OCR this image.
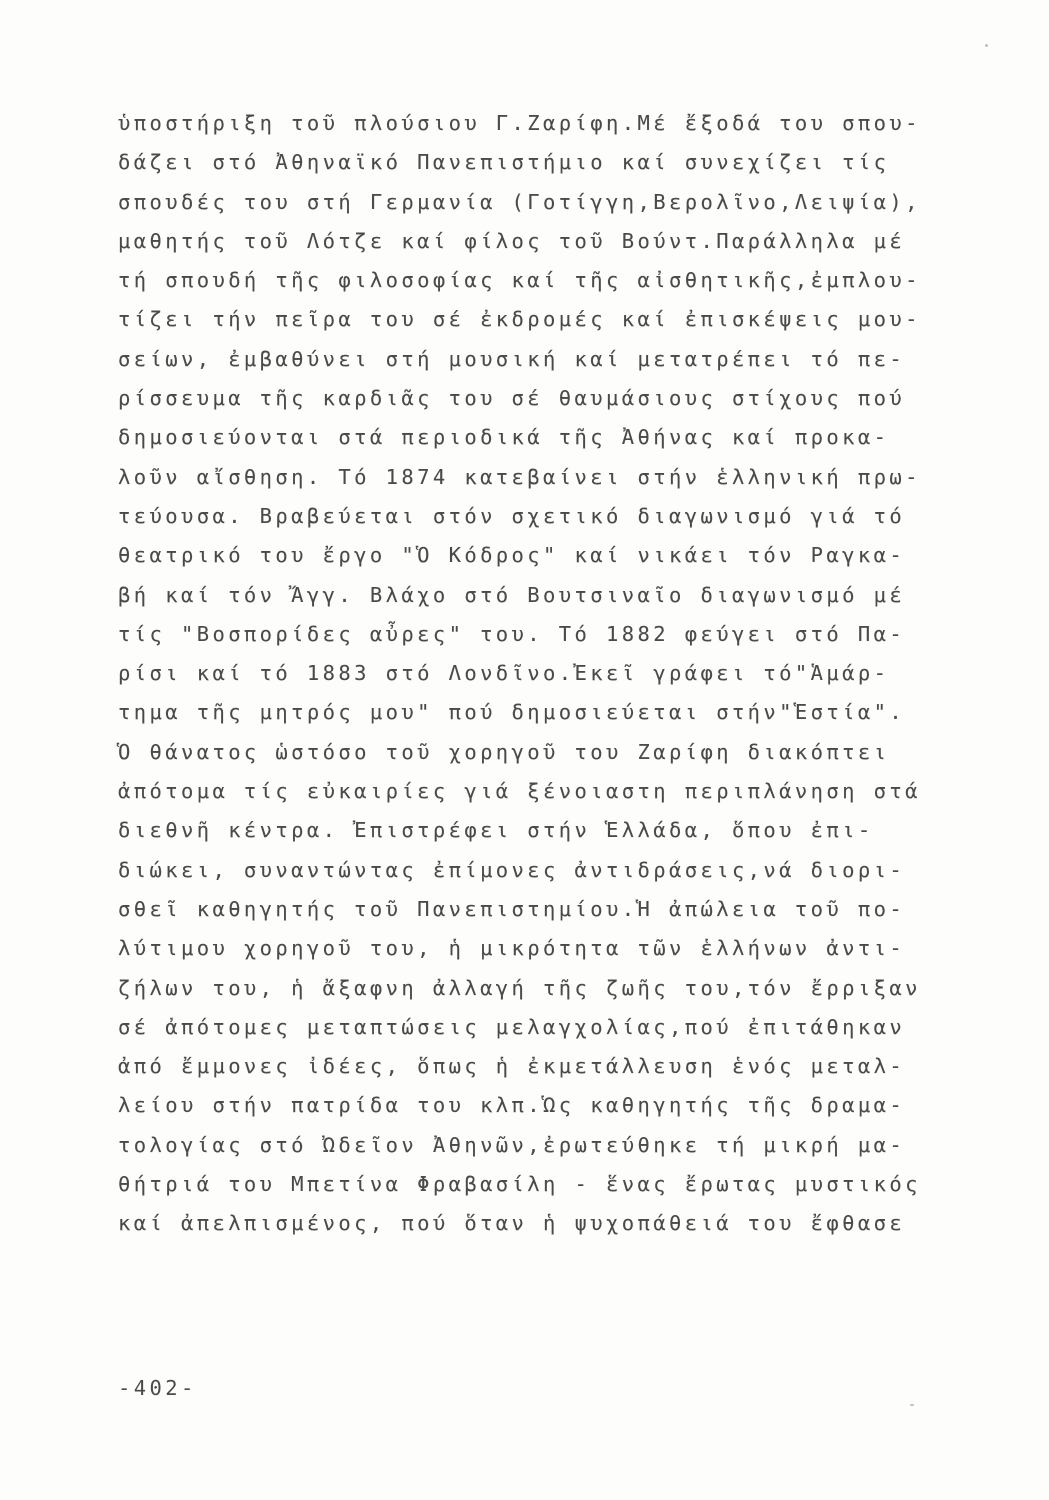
ὑποστήριξη τοῦ πλούσιου Γ.Ζαρίφη.Μέ ἔξοδά του σπου-
δάζει στό Ἀθηναϊκό Πανεπιστήμιο καί συνεχίζει τίς
σπουδές του στή Γερμανία (Γοτίγγη,Βερολῖνο,Λειψία),
μαθητής τοῦ Λότζε καί φίλος τοῦ Βούντ.Παράλληλα μέ
τή σπουδή τῆς φιλοσοφίας καί τῆς αἰσθητικῆς,ἐμπλου-
τίζει τήν πεῖρα του σέ ἐκδρομές καί ἐπισκέψεις μου-
σείων, ἐμβαθύνει στή μουσική καί μετατρέπει τό πε-
ρίσσευμα τῆς καρδιᾶς του σέ θαυμάσιους στίχους πού
δημοσιεύονται στά περιοδικά τῆς Ἀθήνας καί προκα-
λοῦν αἴσθηση. Τό 1874 κατεβαίνει στήν ἑλληνική πρω-
τεύουσα. Βραβεύεται στόν σχετικό διαγωνισμό γιά τό
θεατρικό του ἔργο "Ὁ Κόδρος" καί νικάει τόν Ραγκα-
βή καί τόν Ἄγγ. Βλάχο στό Βουτσιναῖο διαγωνισμό μέ
τίς "Βοσπορίδες αὖρες" του. Τό 1882 φεύγει στό Πα-
ρίσι καί τό 1883 στό Λονδῖνο.Ἐκεῖ γράφει τό"Ἁμάρ-
τημα τῆς μητρός μου" πού δημοσιεύεται στήν"Ἑστία".
Ὁ θάνατος ὡστόσο τοῦ χορηγοῦ του Ζαρίφη διακόπτει
ἀπότομα τίς εὐκαιρίες γιά ξένοιαστη περιπλάνηση στά
διεθνῆ κέντρα. Ἐπιστρέφει στήν Ἑλλάδα, ὅπου ἐπι-
διώκει, συναντώντας ἐπίμονες ἀντιδράσεις,νά διορι-
σθεῖ καθηγητής τοῦ Πανεπιστημίου.Ἡ ἀπώλεια τοῦ πο-
λύτιμου χορηγοῦ του, ἡ μικρότητα τῶν ἑλλήνων ἀντι-
ζήλων του, ἡ ἄξαφνη ἀλλαγή τῆς ζωῆς του,τόν ἔρριξαν
σέ ἀπότομες μεταπτώσεις μελαγχολίας,πού ἐπιτάθηκαν
ἀπό ἔμμονες ἰδέες, ὅπως ἡ ἐκμετάλλευση ἑνός μεταλ-
λείου στήν πατρίδα του κλπ.Ὡς καθηγητής τῆς δραμα-
τολογίας στό Ὠδεῖον Ἀθηνῶν,ἐρωτεύθηκε τή μικρή μα-
θήτριά του Μπετίνα Φραβασίλη - ἕνας ἔρωτας μυστικός
καί ἀπελπισμένος, πού ὅταν ἡ ψυχοπάθειά του ἔφθασε
-402-
